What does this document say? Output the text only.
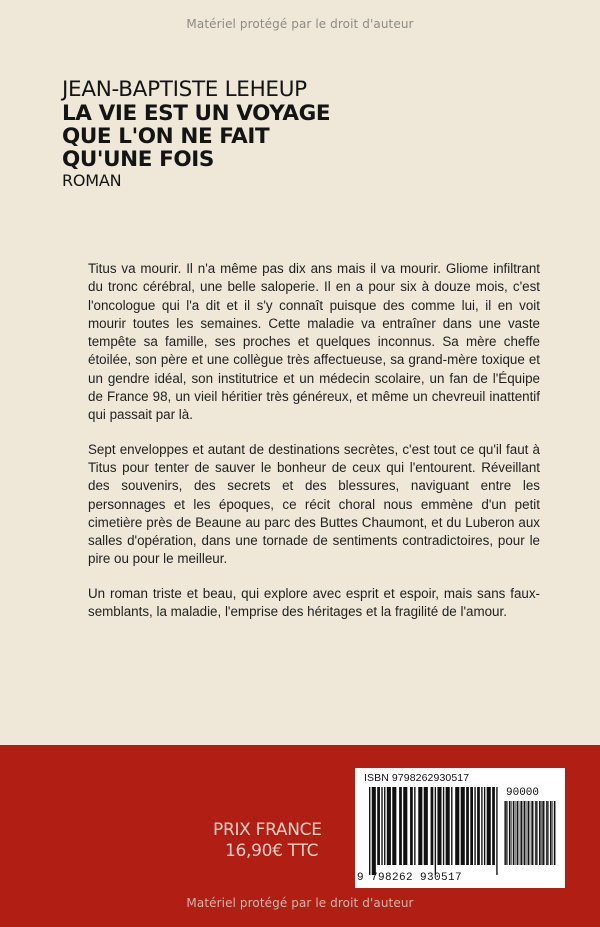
Matériel protégé par le droit d'auteur
JEAN-BAPTISTE LEHEUP
LA VIE EST UN VOYAGE
QUE L'ON NE FAIT
QU'UNE FOIS
ROMAN

Titus va mourir. Il n'a même pas dix ans mais il va mourir. Gliome infiltrant du tronc cérébral, une belle saloperie. Il en a pour six à douze mois, c'est l'oncologue qui l'a dit et il s'y connaît puisque des comme lui, il en voit mourir toutes les semaines. Cette maladie va entraîner dans une vaste tempête sa famille, ses proches et quelques inconnus. Sa mère cheffe étoilée, son père et une collègue très affectueuse, sa grand-mère toxique et un gendre idéal, son institutrice et un médecin scolaire, un fan de l'Équipe de France 98, un vieil héritier très généreux, et même un chevreuil inattentif qui passait par là.

Sept enveloppes et autant de destinations secrètes, c'est tout ce qu'il faut à Titus pour tenter de sauver le bonheur de ceux qui l'entourent. Réveillant des souvenirs, des secrets et des blessures, naviguant entre les personnages et les époques, ce récit choral nous emmène d'un petit cimetière près de Beaune au parc des Buttes Chaumont, et du Luberon aux salles d'opération, dans une tornade de sentiments contradictoires, pour le pire ou pour le meilleur.

Un roman triste et beau, qui explore avec esprit et espoir, mais sans faux-semblants, la maladie, l'emprise des héritages et la fragilité de l'amour.

PRIX FRANCE
16,90€ TTC
ISBN 9798262930517
90000
9 798262 930517
Matériel protégé par le droit d'auteur
